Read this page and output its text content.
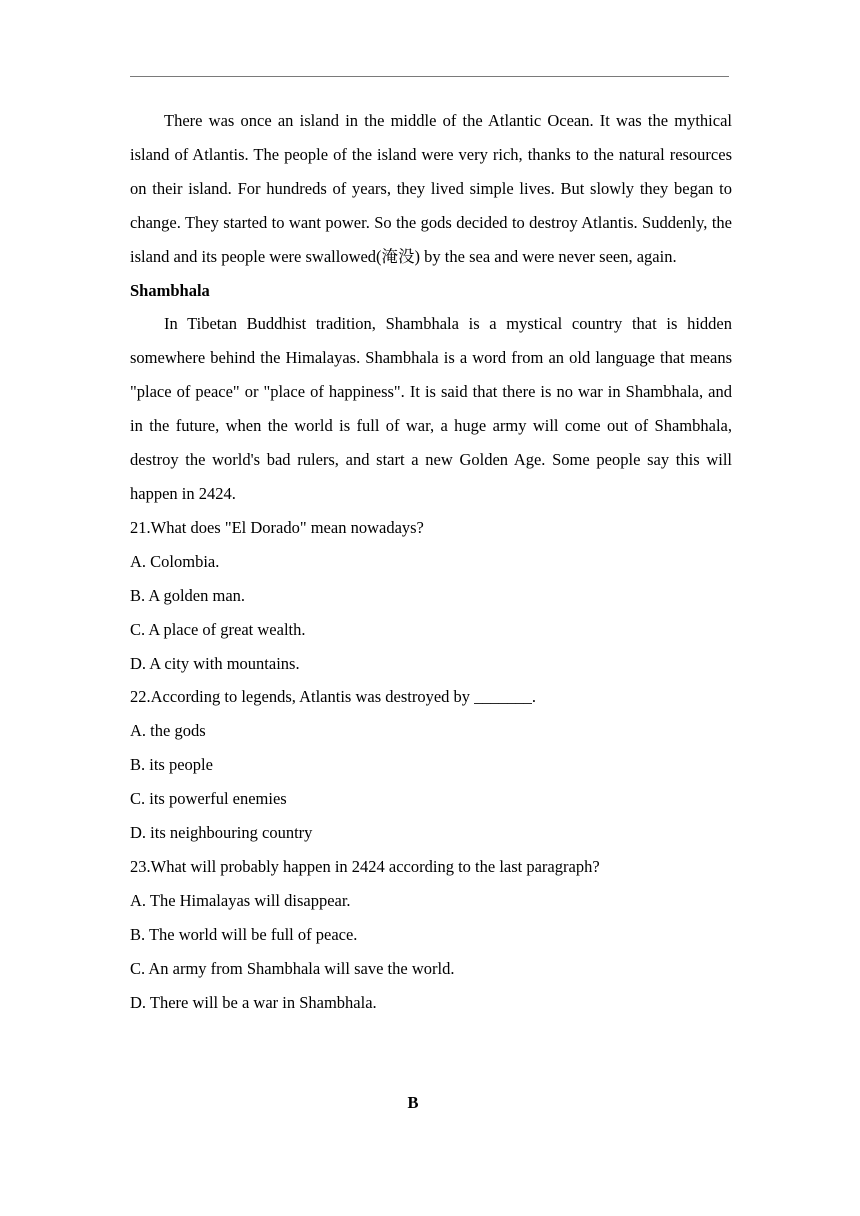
There was once an island in the middle of the Atlantic Ocean. It was the mythical island of Atlantis. The people of the island were very rich, thanks to the natural resources on their island. For hundreds of years, they lived simple lives. But slowly they began to change. They started to want power. So the gods decided to destroy Atlantis. Suddenly, the island and its people were swallowed(淹没) by the sea and were never seen, again.

Shambhala

In Tibetan Buddhist tradition, Shambhala is a mystical country that is hidden somewhere behind the Himalayas. Shambhala is a word from an old language that means "place of peace" or "place of happiness". It is said that there is no war in Shambhala, and in the future, when the world is full of war, a huge army will come out of Shambhala, destroy the world's bad rulers, and start a new Golden Age. Some people say this will happen in 2424.

21.What does "El Dorado" mean nowadays?

A. Colombia.

B. A golden man.

C. A place of great wealth.

D. A city with mountains.

22.According to legends, Atlantis was destroyed by _______.

A. the gods

B. its people

C. its powerful enemies

D. its neighbouring country

23.What will probably happen in 2424 according to the last paragraph?

A. The Himalayas will disappear.

B. The world will be full of peace.

C. An army from Shambhala will save the world.

D. There will be a war in Shambhala.

B
